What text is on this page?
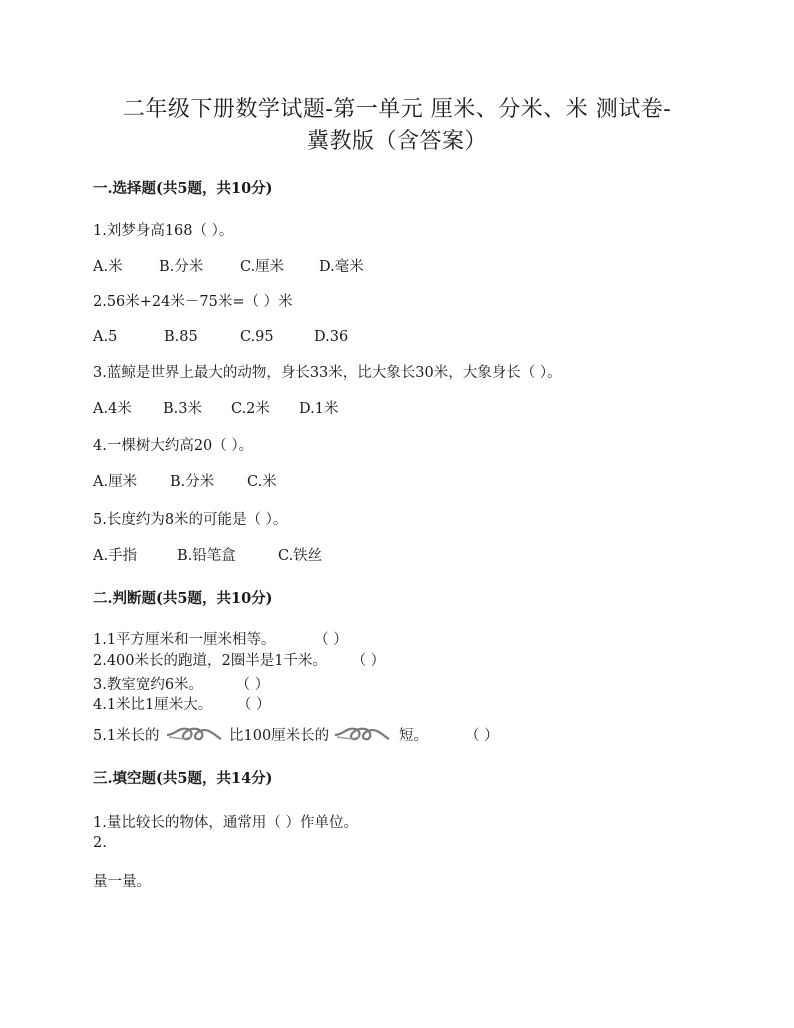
二年级下册数学试题-第一单元 厘米、分米、米 测试卷-
冀教版（含答案）
一.选择题(共5题，共10分)
1.刘梦身高168（ ）。
A.米	B.分米	C.厘米 D.毫米
2.56米+24米－75米=（ ）米
A.5	B.85	C.95	D.36
3.蓝鲸是世界上最大的动物，身长33米，比大象长30米，大象身长（ ）。
A.4米 B.3米 C.2米 D.1米
4.一棵树大约高20（ ）。
A.厘米 B.分米 C.米
5.长度约为8米的可能是（ ）。
A.手指	B.铅笔盒	C.铁丝
二.判断题(共5题，共10分)
1.1平方厘米和一厘米相等。	（ ）
2.400米长的跑道，2圈半是1千米。 （ ）
3.教室宽约6米。 （ ）
4.1米比1厘米大。 （ ）
5.1米长的	比100厘米长的	短。	（ ）
三.填空题(共5题，共14分)
1.量比较长的物体，通常用（ ）作单位。
2.
量一量。
